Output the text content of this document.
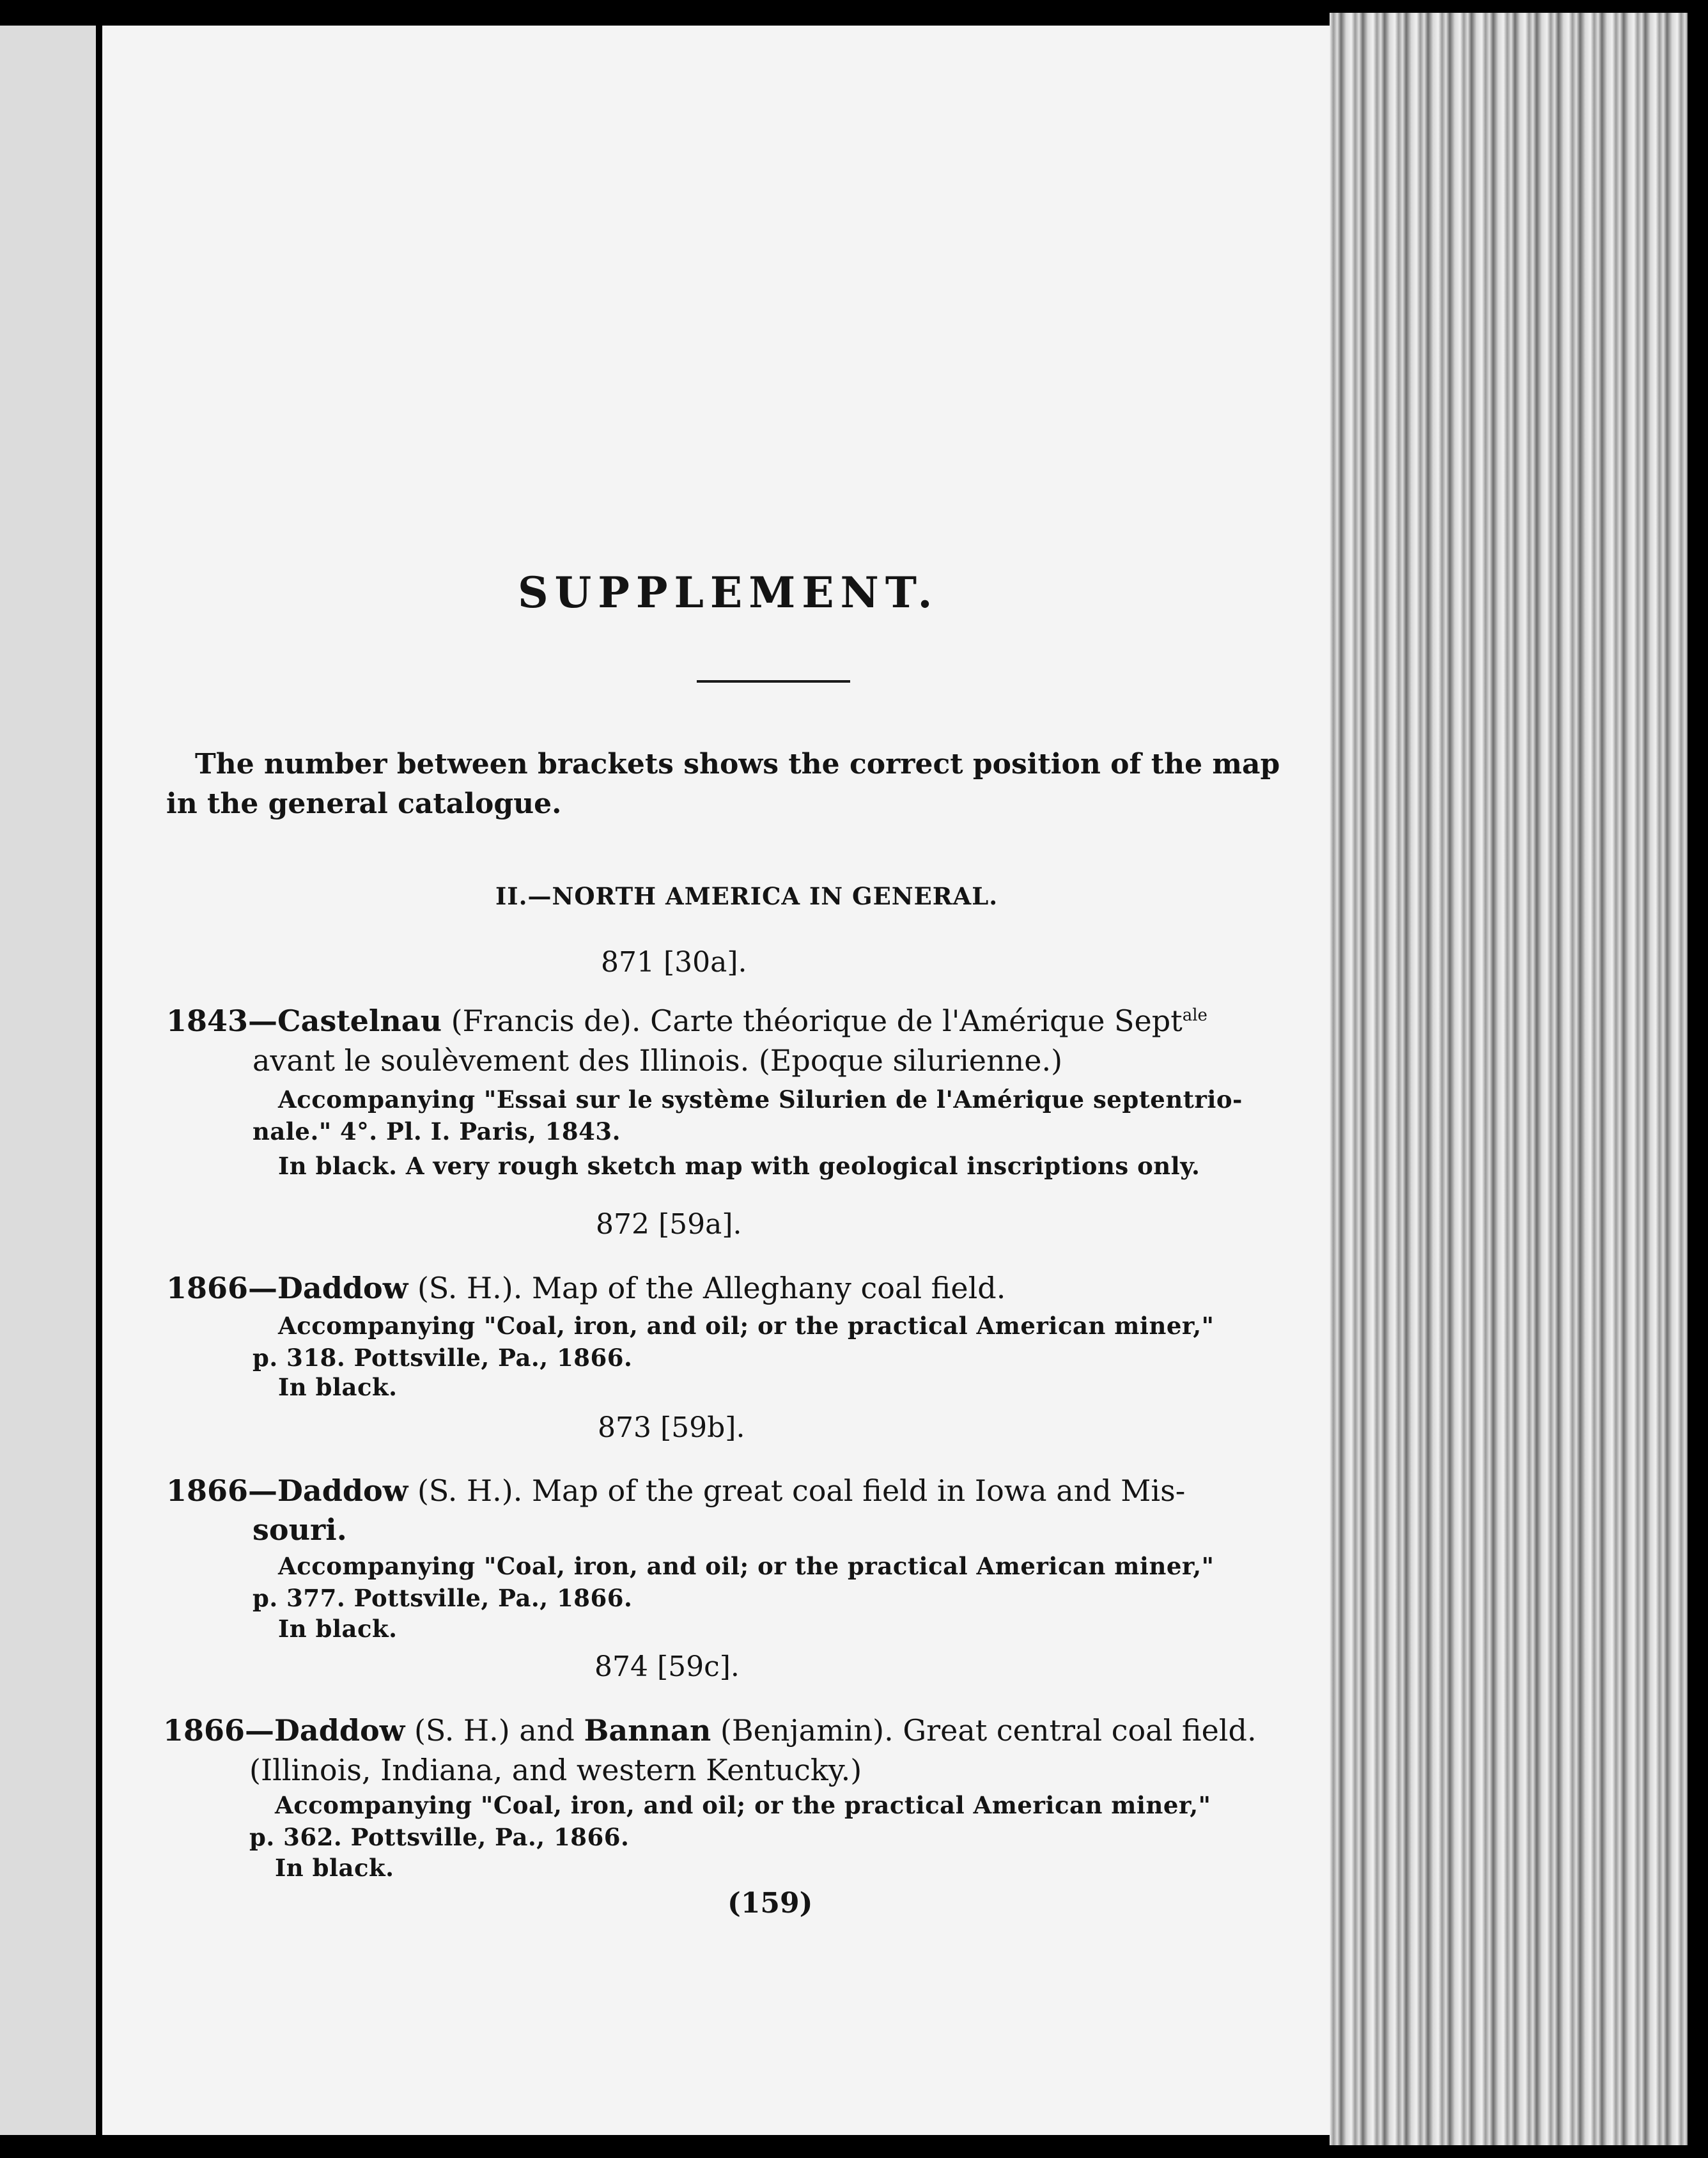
SUPPLEMENT.
The number between brackets shows the correct position of the map
in the general catalogue.
II.—NORTH AMERICA IN GENERAL.
871 [30a].
1843—Castelnau (Francis de). Carte théorique de l'Amérique Sept$^{ale}$
avant le soulèvement des Illinois. (Epoque silurienne.)
Accompanying "Essai sur le système Silurien de l'Amérique septentrio-
nale." 4°. Pl. I. Paris, 1843.
In black. A very rough sketch map with geological inscriptions only.
872 [59a].
1866—Daddow (S. H.). Map of the Alleghany coal field.
Accompanying "Coal, iron, and oil; or the practical American miner,"
p. 318. Pottsville, Pa., 1866.
In black.
873 [59b].
1866—Daddow (S. H.). Map of the great coal field in Iowa and Mis-
souri.
Accompanying "Coal, iron, and oil; or the practical American miner,"
p. 377. Pottsville, Pa., 1866.
In black.
874 [59c].
1866—Daddow (S. H.) and Bannan (Benjamin). Great central coal field.
(Illinois, Indiana, and western Kentucky.)
Accompanying "Coal, iron, and oil; or the practical American miner,"
p. 362. Pottsville, Pa., 1866.
In black.
(159)
